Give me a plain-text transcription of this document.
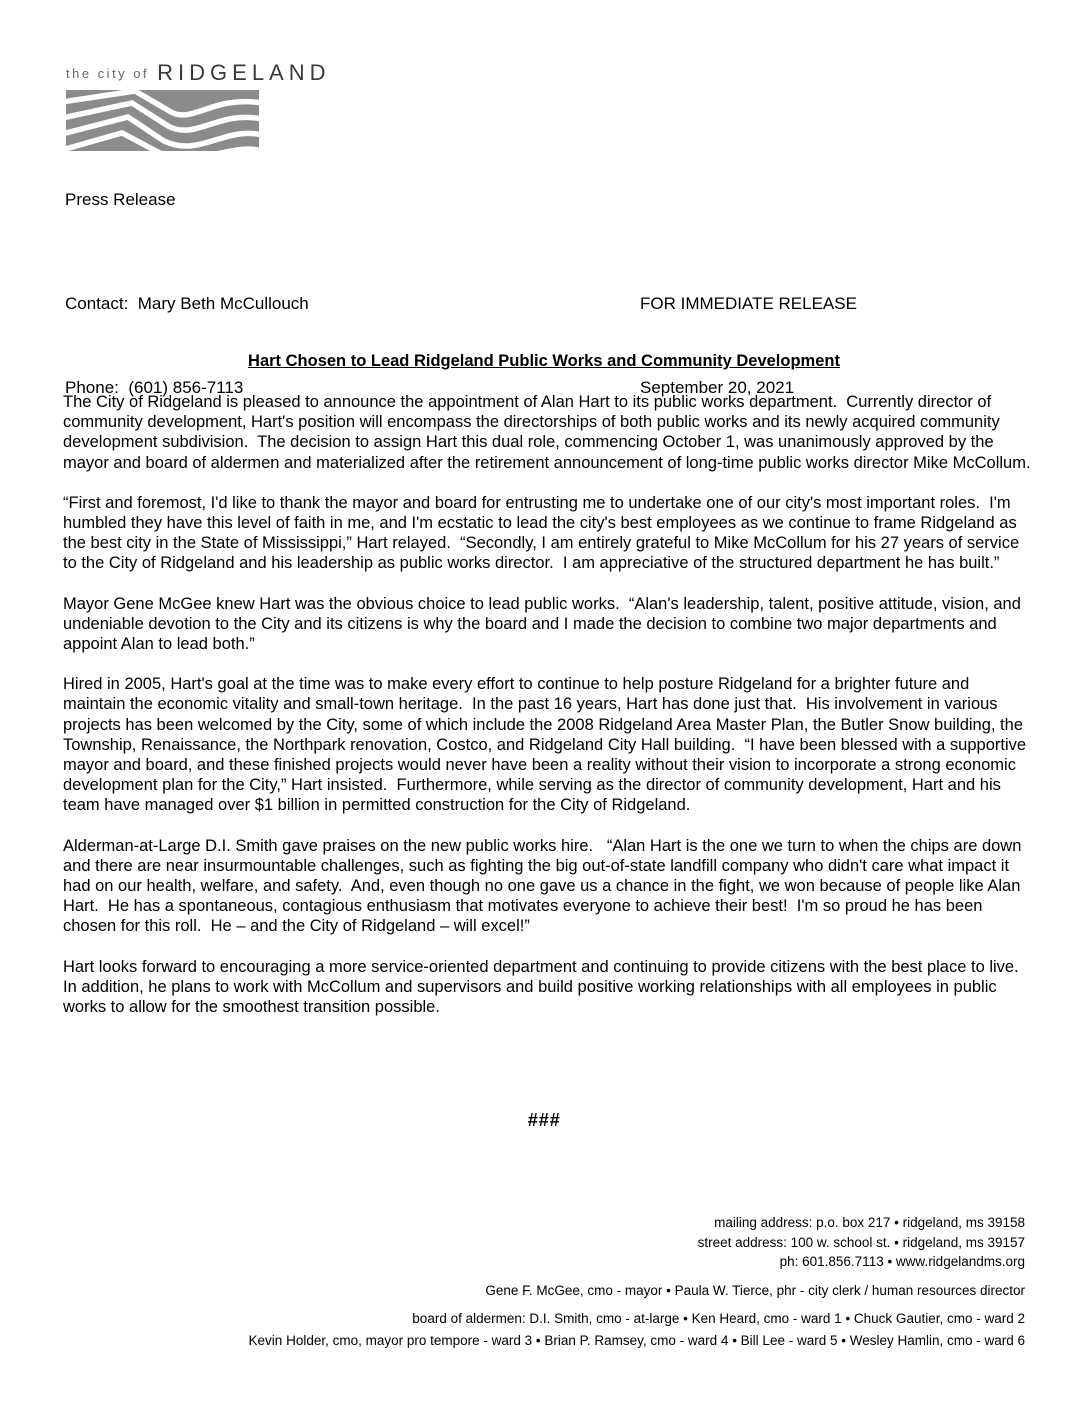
the city of RIDGELAND
Press Release

Contact:  Mary Beth McCullouch

Phone:  (601) 856-7113

FOR IMMEDIATE RELEASE

September 20, 2021

Hart Chosen to Lead Ridgeland Public Works and Community Development

The City of Ridgeland is pleased to announce the appointment of Alan Hart to its public works department.  Currently director of community development, Hart's position will encompass the directorships of both public works and its newly acquired community development subdivision.  The decision to assign Hart this dual role, commencing October 1, was unanimously approved by the mayor and board of aldermen and materialized after the retirement announcement of long-time public works director Mike McCollum.

“First and foremost, I'd like to thank the mayor and board for entrusting me to undertake one of our city's most important roles.  I'm humbled they have this level of faith in me, and I'm ecstatic to lead the city's best employees as we continue to frame Ridgeland as the best city in the State of Mississippi,” Hart relayed.  “Secondly, I am entirely grateful to Mike McCollum for his 27 years of service to the City of Ridgeland and his leadership as public works director.  I am appreciative of the structured department he has built.”

Mayor Gene McGee knew Hart was the obvious choice to lead public works.  “Alan's leadership, talent, positive attitude, vision, and undeniable devotion to the City and its citizens is why the board and I made the decision to combine two major departments and appoint Alan to lead both.”

Hired in 2005, Hart's goal at the time was to make every effort to continue to help posture Ridgeland for a brighter future and maintain the economic vitality and small-town heritage.  In the past 16 years, Hart has done just that.  His involvement in various projects has been welcomed by the City, some of which include the 2008 Ridgeland Area Master Plan, the Butler Snow building, the Township, Renaissance, the Northpark renovation, Costco, and Ridgeland City Hall building.  “I have been blessed with a supportive mayor and board, and these finished projects would never have been a reality without their vision to incorporate a strong economic development plan for the City,” Hart insisted.  Furthermore, while serving as the director of community development, Hart and his team have managed over $1 billion in permitted construction for the City of Ridgeland.

Alderman-at-Large D.I. Smith gave praises on the new public works hire.   “Alan Hart is the one we turn to when the chips are down and there are near insurmountable challenges, such as fighting the big out-of-state landfill company who didn't care what impact it had on our health, welfare, and safety.  And, even though no one gave us a chance in the fight, we won because of people like Alan Hart.  He has a spontaneous, contagious enthusiasm that motivates everyone to achieve their best!  I'm so proud he has been chosen for this roll.  He – and the City of Ridgeland – will excel!”

Hart looks forward to encouraging a more service-oriented department and continuing to provide citizens with the best place to live.  In addition, he plans to work with McCollum and supervisors and build positive working relationships with all employees in public works to allow for the smoothest transition possible.

###
mailing address: p.o. box 217 • ridgeland, ms 39158
street address: 100 w. school st. • ridgeland, ms 39157
ph: 601.856.7113 • www.ridgelandms.org
Gene F. McGee, cmo - mayor • Paula W. Tierce, phr - city clerk / human resources director
board of aldermen: D.I. Smith, cmo - at-large • Ken Heard, cmo - ward 1 • Chuck Gautier, cmo - ward 2
Kevin Holder, cmo, mayor pro tempore - ward 3 • Brian P. Ramsey, cmo - ward 4 • Bill Lee - ward 5 • Wesley Hamlin, cmo - ward 6
